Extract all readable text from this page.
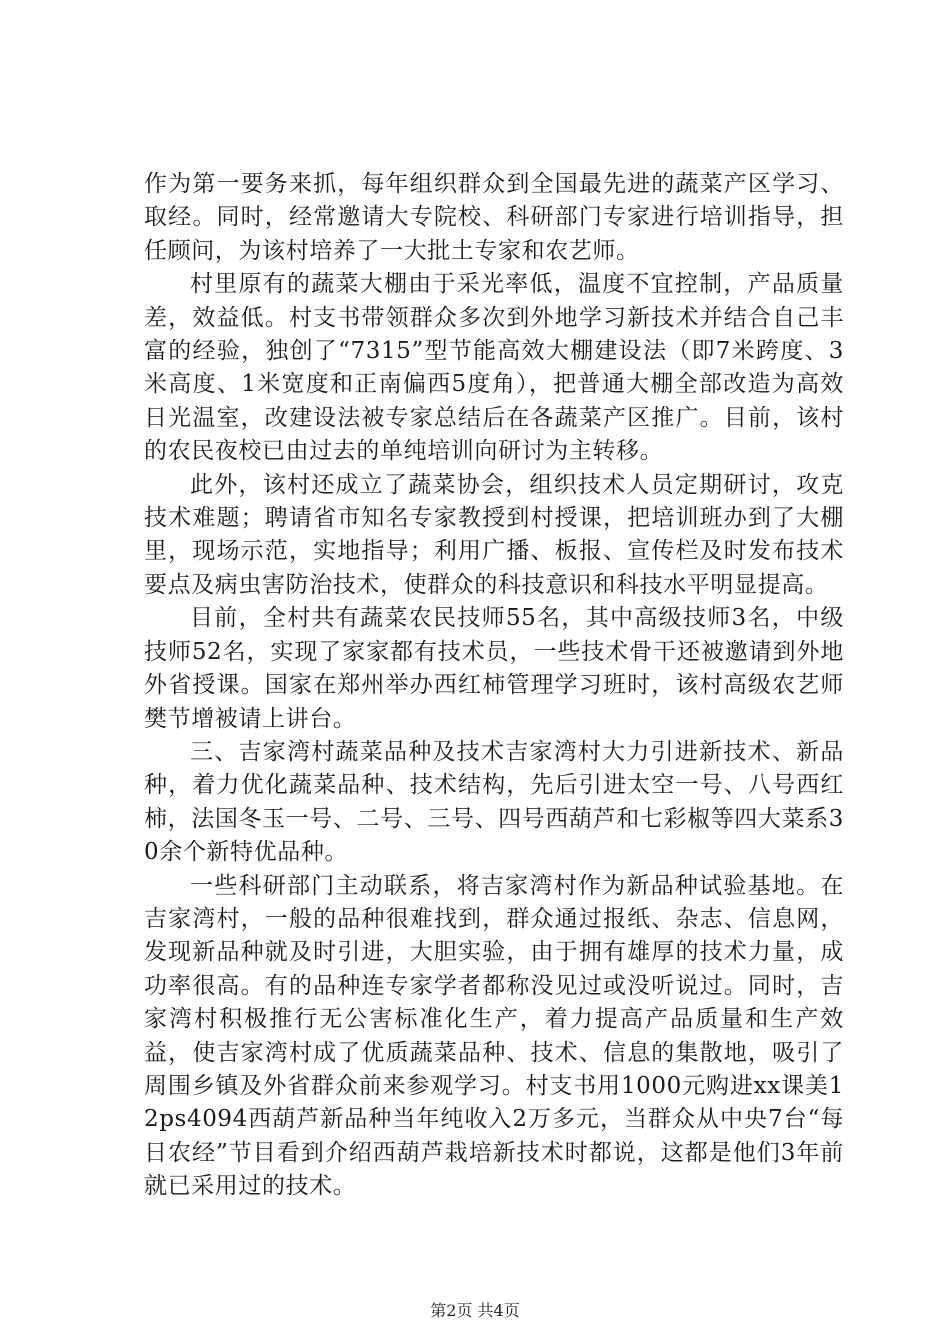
作为第一要务来抓，每年组织群众到全国最先进的蔬菜产区学习、取经。同时，经常邀请大专院校、科研部门专家进行培训指导，担任顾问，为该村培养了一大批土专家和农艺师。

村里原有的蔬菜大棚由于采光率低，温度不宜控制，产品质量差，效益低。村支书带领群众多次到外地学习新技术并结合自己丰富的经验，独创了“7315”型节能高效大棚建设法（即7米跨度、3米高度、1米宽度和正南偏西5度角），把普通大棚全部改造为高效日光温室，改建设法被专家总结后在各蔬菜产区推广。目前，该村的农民夜校已由过去的单纯培训向研讨为主转移。

此外，该村还成立了蔬菜协会，组织技术人员定期研讨，攻克技术难题；聘请省市知名专家教授到村授课，把培训班办到了大棚里，现场示范，实地指导；利用广播、板报、宣传栏及时发布技术要点及病虫害防治技术，使群众的科技意识和科技水平明显提高。

目前，全村共有蔬菜农民技师55名，其中高级技师3名，中级技师52名，实现了家家都有技术员，一些技术骨干还被邀请到外地外省授课。国家在郑州举办西红柿管理学习班时，该村高级农艺师樊节增被请上讲台。

三、吉家湾村蔬菜品种及技术吉家湾村大力引进新技术、新品种，着力优化蔬菜品种、技术结构，先后引进太空一号、八号西红柿，法国冬玉一号、二号、三号、四号西葫芦和七彩椒等四大菜系30余个新特优品种。

一些科研部门主动联系，将吉家湾村作为新品种试验基地。在吉家湾村，一般的品种很难找到，群众通过报纸、杂志、信息网，发现新品种就及时引进，大胆实验，由于拥有雄厚的技术力量，成功率很高。有的品种连专家学者都称没见过或没听说过。同时，吉家湾村积极推行无公害标准化生产，着力提高产品质量和生产效益，使吉家湾村成了优质蔬菜品种、技术、信息的集散地，吸引了周围乡镇及外省群众前来参观学习。村支书用1000元购进xx课美12ps4094西葫芦新品种当年纯收入2万多元，当群众从中央7台“每日农经”节目看到介绍西葫芦栽培新技术时都说，这都是他们3年前就已采用过的技术。

第2页 共4页
